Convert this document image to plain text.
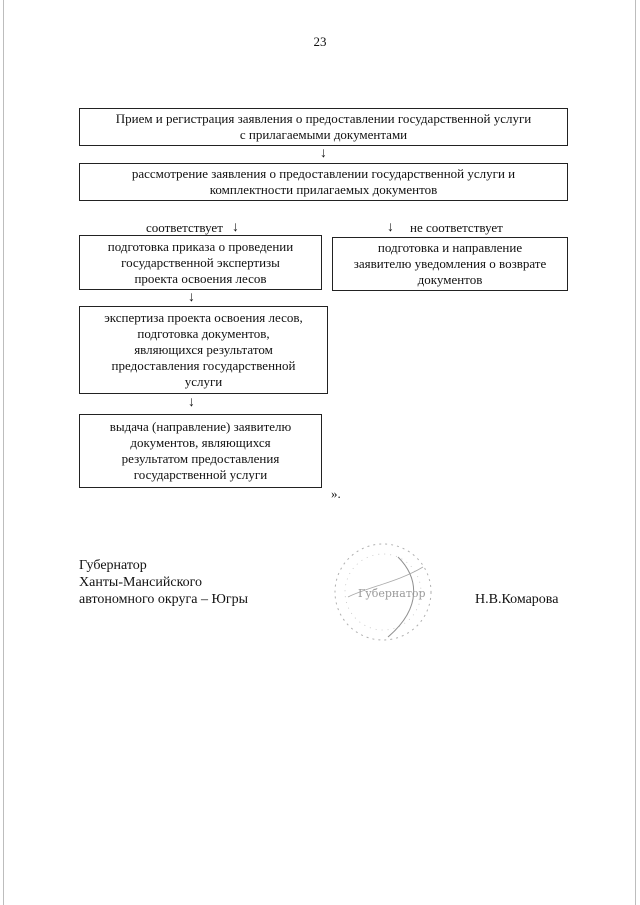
23
Прием и регистрация заявления о предоставлении государственной услуги
с прилагаемыми документами
↓
рассмотрение заявления о предоставлении государственной услуги и
комплектности прилагаемых документов
соответствует ↓	↓ не соответствует
подготовка приказа о проведении
государственной экспертизы
проекта освоения лесов
подготовка и направление
заявителю уведомления о возврате
документов
↓
экспертиза проекта освоения лесов,
подготовка документов,
являющихся результатом
предоставления государственной
услуги
↓
выдача (направление) заявителю
документов, являющихся
результатом предоставления
государственной услуги
».
Губернатор
Ханты-Мансийского
автономного округа – Югры	Н.В.Комарова
Губернатор
